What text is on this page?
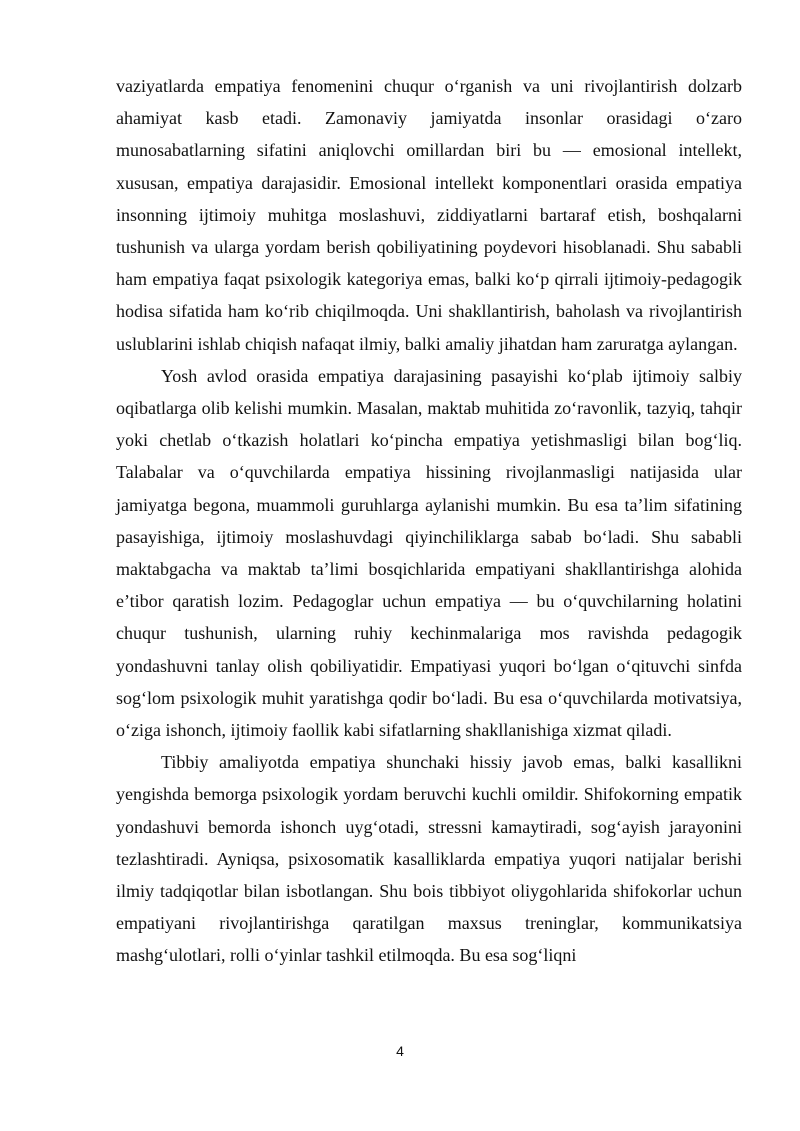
vaziyatlarda empatiya fenomenini chuqur o‘rganish va uni rivojlantirish dolzarb ahamiyat kasb etadi. Zamonaviy jamiyatda insonlar orasidagi o‘zaro munosabatlarning sifatini aniqlovchi omillardan biri bu — emosional intellekt, xususan, empatiya darajasidir. Emosional intellekt komponentlari orasida empatiya insonning ijtimoiy muhitga moslashuvi, ziddiyatlarni bartaraf etish, boshqalarni tushunish va ularga yordam berish qobiliyatining poydevori hisoblanadi. Shu sababli ham empatiya faqat psixologik kategoriya emas, balki ko‘p qirrali ijtimoiy-pedagogik hodisa sifatida ham ko‘rib chiqilmoqda. Uni shakllantirish, baholash va rivojlantirish uslublarini ishlab chiqish nafaqat ilmiy, balki amaliy jihatdan ham zaruratga aylangan.

Yosh avlod orasida empatiya darajasining pasayishi ko‘plab ijtimoiy salbiy oqibatlarga olib kelishi mumkin. Masalan, maktab muhitida zo‘ravonlik, tazyiq, tahqir yoki chetlab o‘tkazish holatlari ko‘pincha empatiya yetishmasligi bilan bog‘liq. Talabalar va o‘quvchilarda empatiya hissining rivojlanmasligi natijasida ular jamiyatga begona, muammoli guruhlarga aylanishi mumkin. Bu esa ta’lim sifatining pasayishiga, ijtimoiy moslashuvdagi qiyinchiliklarga sabab bo‘ladi. Shu sababli maktabgacha va maktab ta’limi bosqichlarida empatiyani shakllantirishga alohida e’tibor qaratish lozim. Pedagoglar uchun empatiya — bu o‘quvchilarning holatini chuqur tushunish, ularning ruhiy kechinmalariga mos ravishda pedagogik yondashuvni tanlay olish qobiliyatidir. Empatiyasi yuqori bo‘lgan o‘qituvchi sinfda sog‘lom psixologik muhit yaratishga qodir bo‘ladi. Bu esa o‘quvchilarda motivatsiya, o‘ziga ishonch, ijtimoiy faollik kabi sifatlarning shakllanishiga xizmat qiladi.

Tibbiy amaliyotda empatiya shunchaki hissiy javob emas, balki kasallikni yengishda bemorga psixologik yordam beruvchi kuchli omildir. Shifokorning empatik yondashuvi bemorda ishonch uyg‘otadi, stressni kamaytiradi, sog‘ayish jarayonini tezlashtiradi. Ayniqsa, psixosomatik kasalliklarda empatiya yuqori natijalar berishi ilmiy tadqiqotlar bilan isbotlangan. Shu bois tibbiyot oliygohlarida shifokorlar uchun empatiyani rivojlantirishga qaratilgan maxsus treninglar, kommunikatsiya mashg‘ulotlari, rolli o‘yinlar tashkil etilmoqda. Bu esa sog‘liqni

4
